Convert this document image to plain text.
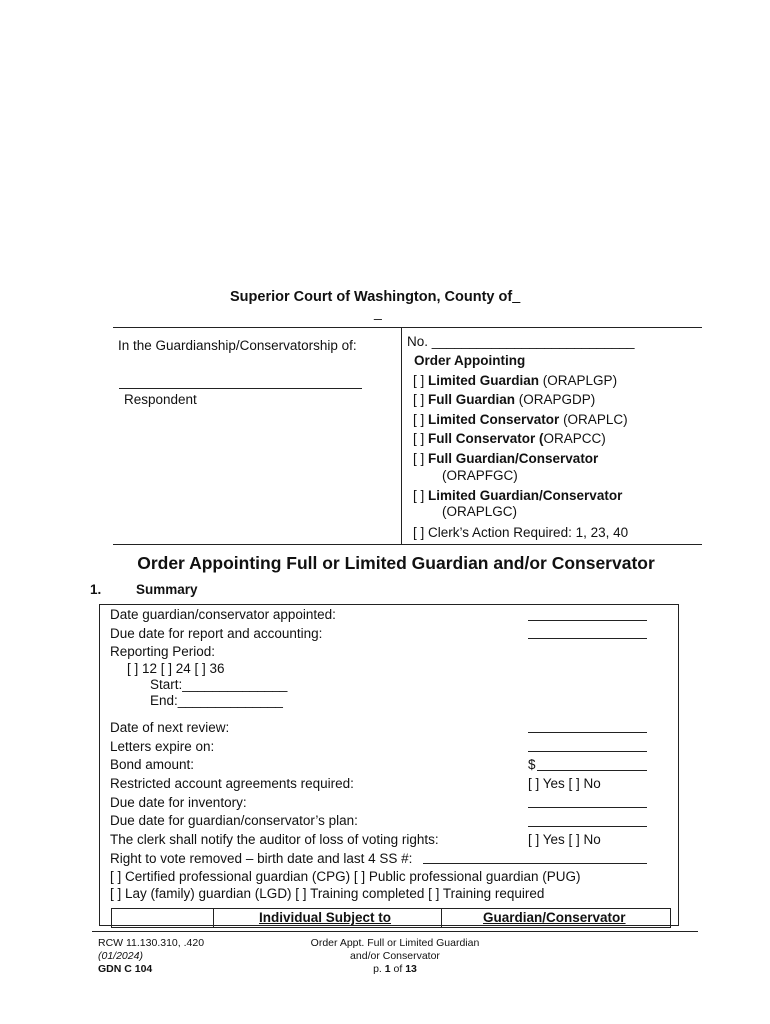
Superior Court of Washington, County of_
_
In the Guardianship/Conservatorship of:
Respondent
No. ___________________________
Order Appointing
[ ] Limited Guardian (ORAPLGP)
[ ] Full Guardian (ORAPGDP)
[ ] Limited Conservator (ORAPLC)
[ ] Full Conservator (ORAPCC)
[ ] Full Guardian/Conservator
(ORAPFGC)
[ ] Limited Guardian/Conservator
(ORAPLGC)
[ ] Clerk’s Action Required: 1, 23, 40
Order Appointing Full or Limited Guardian and/or Conservator
1.	Summary
Date guardian/conservator appointed:
Due date for report and accounting:
Reporting Period:
[ ] 12 [ ] 24 [ ] 36
Start:______________
End:______________
Date of next review:
Letters expire on:
Bond amount:	$
Restricted account agreements required:	[ ] Yes [ ] No
Due date for inventory:
Due date for guardian/conservator’s plan:
The clerk shall notify the auditor of loss of voting rights:	[ ] Yes [ ] No
Right to vote removed – birth date and last 4 SS #:
[ ] Certified professional guardian (CPG) [ ] Public professional guardian (PUG)
[ ] Lay (family) guardian (LGD) [ ] Training completed [ ] Training required
Individual Subject to	Guardian/Conservator
RCW 11.130.310, .420
(01/2024)
GDN C 104
Order Appt. Full or Limited Guardian
and/or Conservator
p. 1 of 13
